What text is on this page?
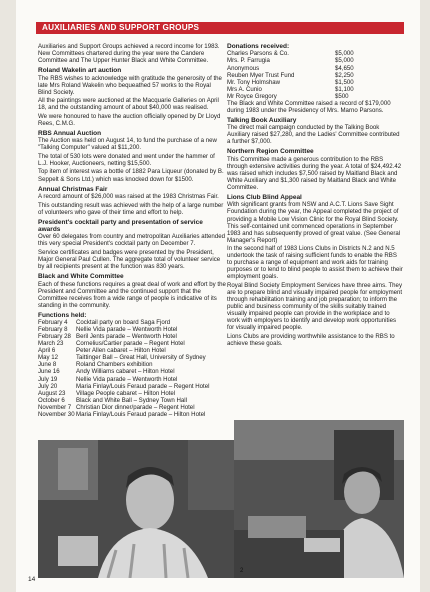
AUXILIARIES AND SUPPORT GROUPS

Auxiliaries and Support Groups achieved a record income for 1983. New Committees chartered during the year were the Candere Committee and The Upper Hunter Black and White Committee.

Roland Wakelin art auction

The RBS wishes to acknowledge with gratitude the generosity of the late Mrs Roland Wakelin who bequeathed 57 works to the Royal Blind Society.

All the paintings were auctioned at the Macquarie Galleries on April 18, and the outstanding amount of about $40,000 was realised.

We were honoured to have the auction officially opened by Dr Lloyd Rees, C.M.G.

RBS Annual Auction

The Auction was held on August 14, to fund the purchase of a new "Talking Computer" valued at $11,200.

The total of 530 lots were donated and went under the hammer of L.J. Hooker, Auctioneers, netting $15,500.

Top item of interest was a bottle of 1882 Para Liqueur (donated by B. Seppelt & Sons Ltd.) which was knocked down for $1500.

Annual Christmas Fair

A record amount of $26,000 was raised at the 1983 Christmas Fair.

This outstanding result was achieved with the help of a large number of volunteers who gave of their time and effort to help.

President's cocktail party and presentation of service awards

Over 60 delegates from country and metropolitan Auxiliaries attended this very special President's cocktail party on December 7.

Service certificates and badges were presented by the President, Major General Paul Cullen. The aggregate total of volunteer service by all recipients present at the function was 830 years.

Black and White Committee

Each of these functions requires a great deal of work and effort by the President and Committee and the continued support that the Committee receives from a wide range of people is indicative of its standing in the community.

Functions held:
February 4	Cocktail party on board Saga Fjord
February 8	Nellie Vida parade – Wentworth Hotel
February 28 Beril Jents parade – Wentworth Hotel
March 23	Cornelius/Cartier parade – Regent Hotel
April 6	Peter Allen cabaret – Hilton Hotel
May 12	Taittinger Ball – Great Hall, University of Sydney
June 8	Roland Chambers exhibition
June 16	Andy Williams cabaret – Hilton Hotel
July 19	Nellie Vida parade – Wentworth Hotel
July 20	Maria Finlay/Louis Feraud parade – Regent Hotel
August 23	Village People cabaret – Hilton Hotel
October 6	Black and White Ball – Sydney Town Hall
November 7 Christian Dior dinner/parade – Regent Hotel
November 30 Maria Finlay/Louis Feraud parade – Hilton Hotel
Donations received:
Charles Parsons & Co.	$5,000
Mrs. P. Farrugia	$5,000
Anonymous	$4,650
Reuben Myer Trust Fund	$2,250
Mr. Tony Holmshaw	$1,500
Mrs A. Cunio	$1,100
Mr Royce Gregory	$500

The Black and White Committee raised a record of $179,000 during 1983 under the Presidency of Mrs. Marno Parsons.

Talking Book Auxiliary

The direct mail campaign conducted by the Talking Book Auxiliary raised $27,280, and the Ladies' Committee contributed a further $7,000.

Northern Region Committee

This Committee made a generous contribution to the RBS through extensive activities during the year. A total of $24,492.42 was raised which includes $7,500 raised by Maitland Black and White Auxiliary and $1,300 raised by Maitland Black and White Committee.

Lions Club Blind Appeal

With significant grants from NSW and A.C.T. Lions Save Sight Foundation during the year, the Appeal completed the project of providing a Mobile Low Vision Clinic for the Royal Blind Society. This self-contained unit commenced operations in September 1983 and has subsequently proved of great value. (See General Manager's Report)

In the second half of 1983 Lions Clubs in Districts N.2 and N.5 undertook the task of raising sufficient funds to enable the RBS to purchase a range of equipment and work aids for training purposes or to lend to blind people to assist them to achieve their employment goals.

Royal Blind Society Employment Services have three aims. They are to prepare blind and visually impaired people for employment through rehabilitation training and job preparation; to inform the public and business community of the skills suitably trained visually impaired people can provide in the workplace and to work with employers to identify and develop work opportunities for visually impaired people.

Lions Clubs are providing worthwhile assistance to the RBS to achieve these goals.

14
2
